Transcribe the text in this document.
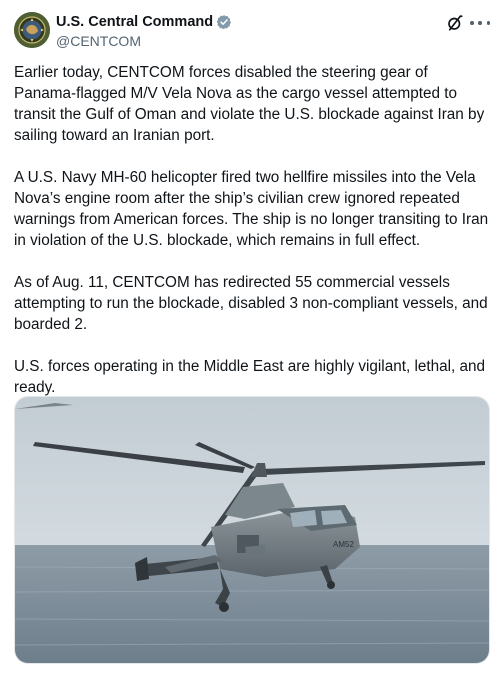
U.S. Central Command
@CENTCOM

Earlier today, CENTCOM forces disabled the steering gear of Panama-flagged M/V Vela Nova as the cargo vessel attempted to transit the Gulf of Oman and violate the U.S. blockade against Iran by sailing toward an Iranian port.

A U.S. Navy MH-60 helicopter fired two hellfire missiles into the Vela Nova’s engine room after the ship’s civilian crew ignored repeated warnings from American forces. The ship is no longer transiting to Iran in violation of the U.S. blockade, which remains in full effect.

As of Aug. 11, CENTCOM has redirected 55 commercial vessels attempting to run the blockade, disabled 3 non-compliant vessels, and boarded 2.

U.S. forces operating in the Middle East are highly vigilant, lethal, and ready.

AM52
